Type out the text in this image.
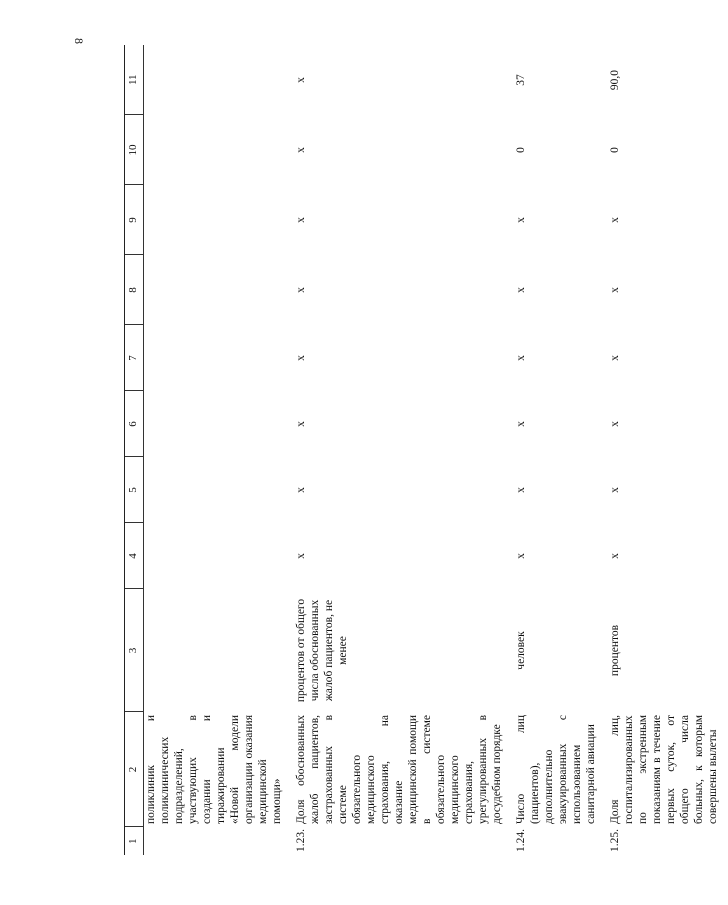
8
1	2	3	4	5	6	7	8	9	10	11
	поликлиник и поликлинических подразделений, участвующих в создании и тиражировании «Новой модели организации оказания медицинской помощи»									
1.23.	Доля обоснованных жалоб пациентов, застрахованных в системе обязательного медицинского страхования, на оказание медицинской помощи в системе обязательного медицинского страхования, урегулированных в досудебном порядке	процентов от общего числа обоснованных жалоб пациентов, не менее	x	x	x	x	x	x	x	x
1.24.	Число лиц (пациентов), дополнительно эвакуированных с использованием санитарной авиации	человек	x	x	x	x	x	x	0	37
1.25.	Доля лиц, госпитализированных по экстренным показаниям в течение первых суток, от общего числа больных, к которым совершены вылеты	процентов	x	x	x	x	x	x	0	90,0
